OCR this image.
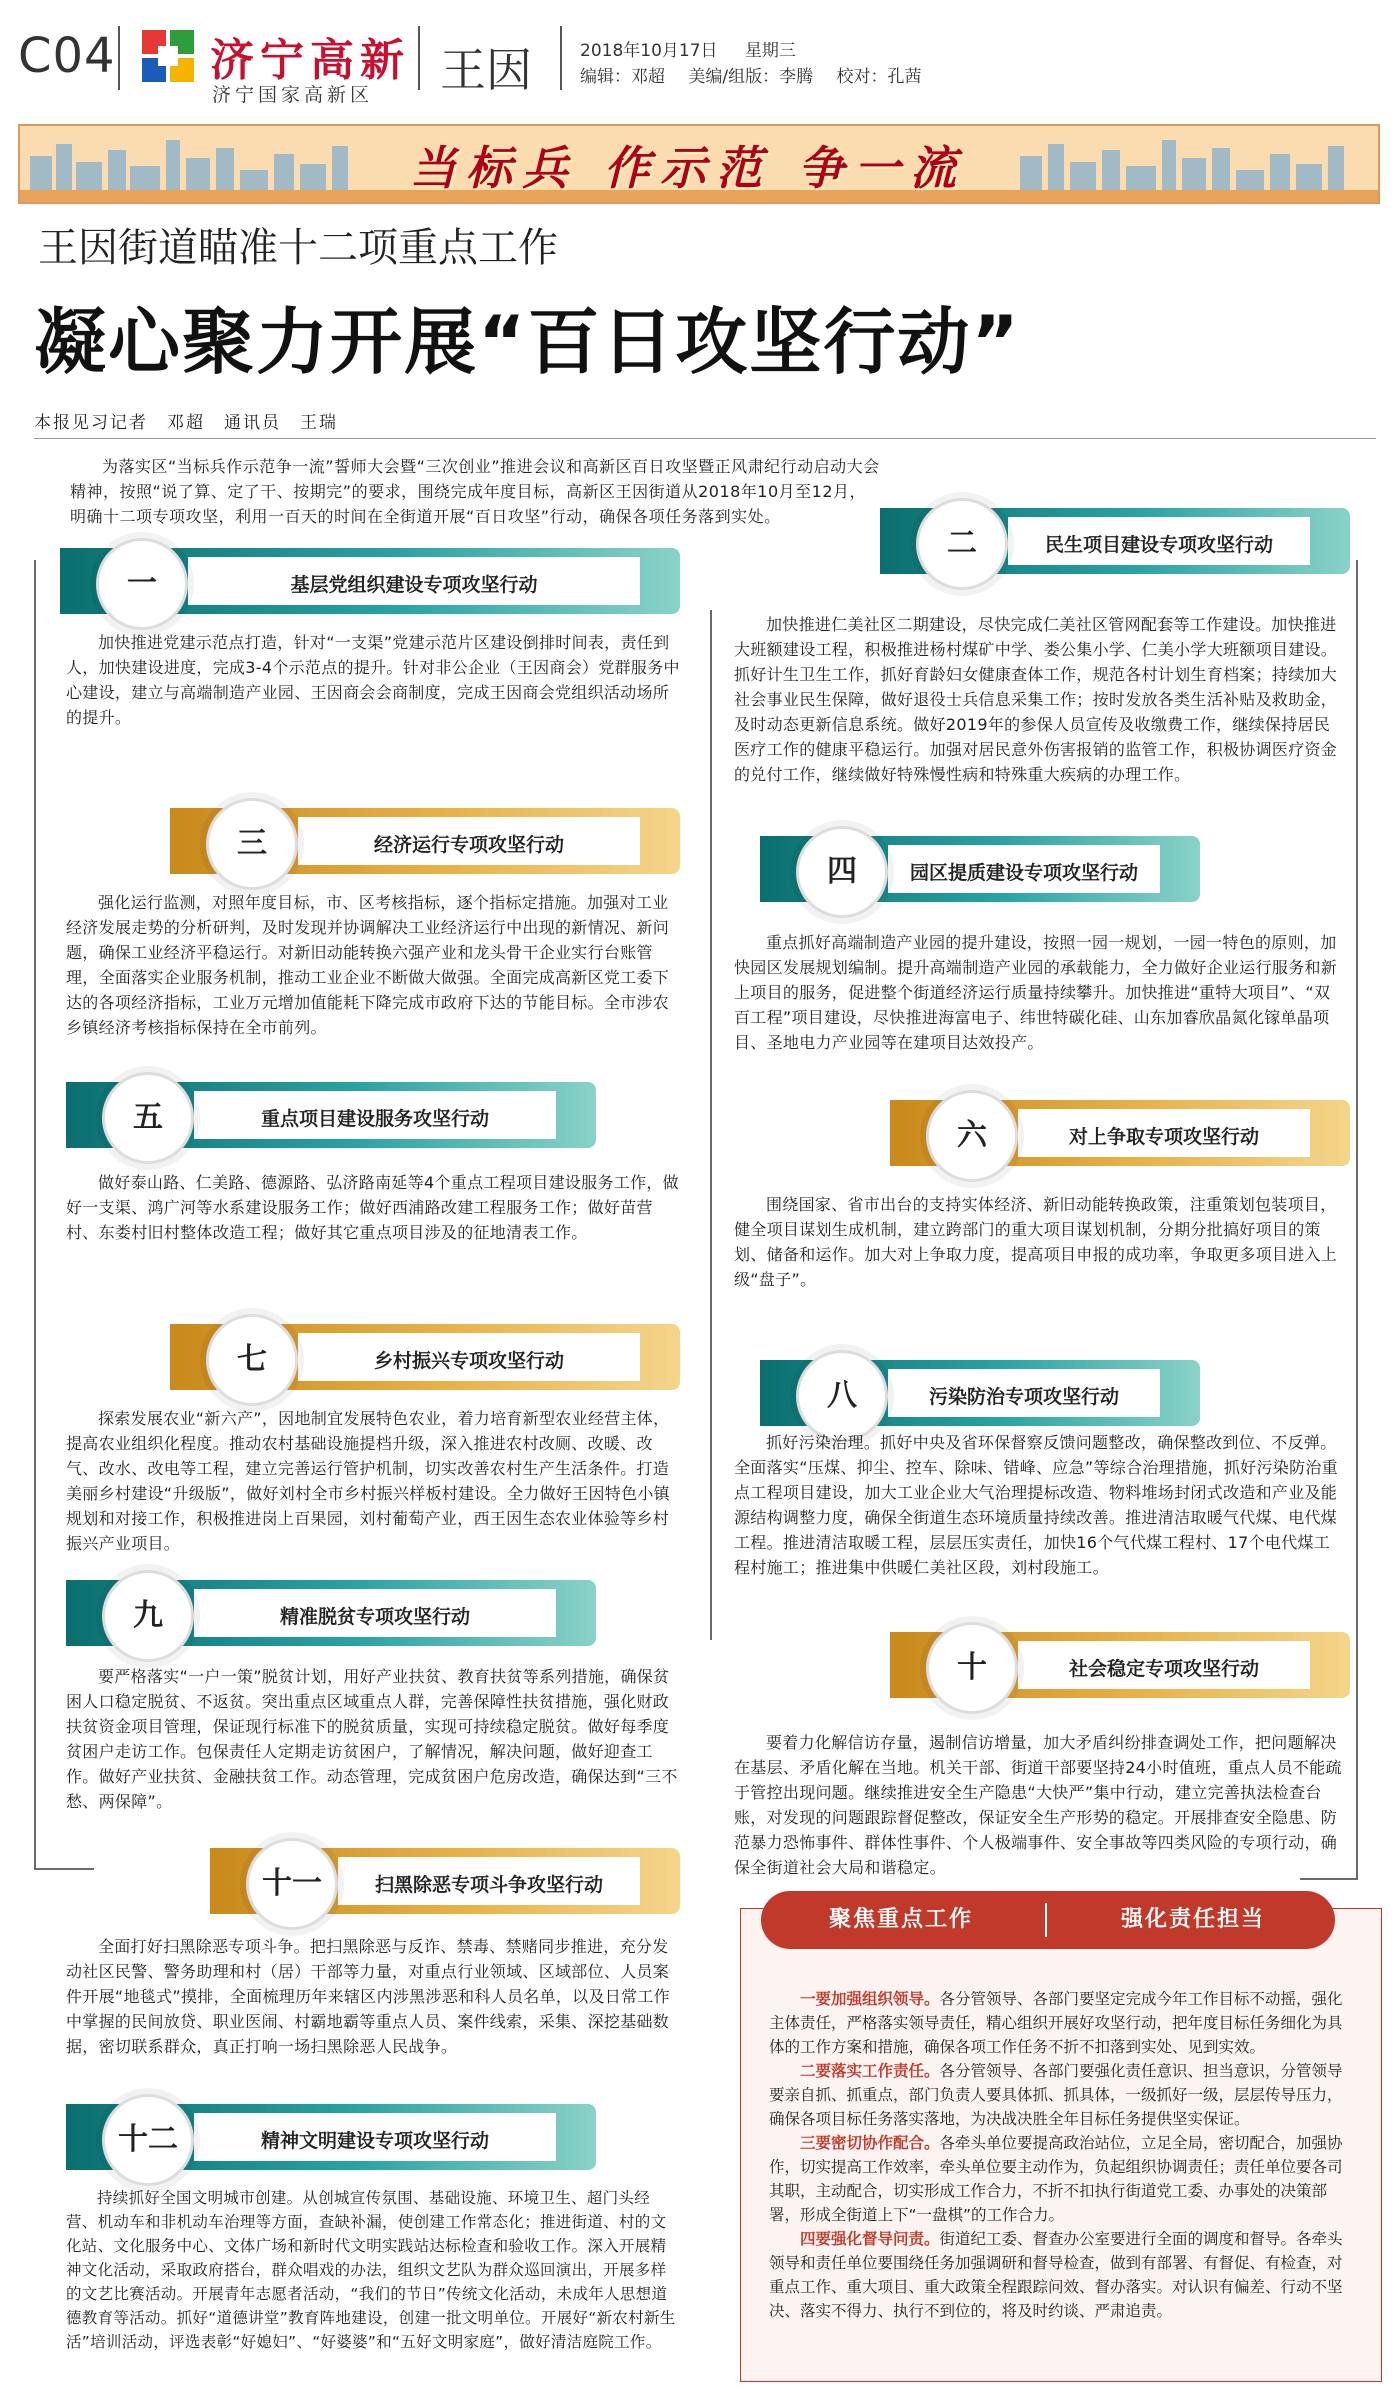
C04 济宁高新
济宁国家高新区 王因	2018年10月17日 星期三
编辑：邓超 美编/组版：李腾 校对：孔茜
当标兵 作示范 争一流
王因街道瞄准十二项重点工作
凝心聚力开展“百日攻坚行动”
本报见习记者　邓超　通讯员　王瑞
为落实区“当标兵作示范争一流”誓师大会暨“三次创业”推进会议和高新区百日攻坚暨正风肃纪行动启动大会精神，按照“说了算、定了干、按期完”的要求，围绕完成年度目标，高新区王因街道从2018年10月至12月，明确十二项专项攻坚，利用一百天的时间在全街道开展“百日攻坚”行动，确保各项任务落到实处。
基层党组织建设专项攻坚行动
一
加快推进党建示范点打造，针对“一支渠”党建示范片区建设倒排时间表，责任到人，加快建设进度，完成3-4个示范点的提升。针对非公企业（王因商会）党群服务中心建设，建立与高端制造产业园、王因商会会商制度，完成王因商会党组织活动场所的提升。
民生项目建设专项攻坚行动
二
加快推进仁美社区二期建设，尽快完成仁美社区管网配套等工作建设。加快推进大班额建设工程，积极推进杨村煤矿中学、娄公集小学、仁美小学大班额项目建设。抓好计生卫生工作，抓好育龄妇女健康查体工作，规范各村计划生育档案；持续加大社会事业民生保障，做好退役士兵信息采集工作；按时发放各类生活补贴及救助金，及时动态更新信息系统。做好2019年的参保人员宣传及收缴费工作，继续保持居民医疗工作的健康平稳运行。加强对居民意外伤害报销的监管工作，积极协调医疗资金的兑付工作，继续做好特殊慢性病和特殊重大疾病的办理工作。
经济运行专项攻坚行动
三
强化运行监测，对照年度目标，市、区考核指标，逐个指标定措施。加强对工业经济发展走势的分析研判，及时发现并协调解决工业经济运行中出现的新情况、新问题，确保工业经济平稳运行。对新旧动能转换六强产业和龙头骨干企业实行台账管理，全面落实企业服务机制，推动工业企业不断做大做强。全面完成高新区党工委下达的各项经济指标，工业万元增加值能耗下降完成市政府下达的节能目标。全市涉农乡镇经济考核指标保持在全市前列。
园区提质建设专项攻坚行动
四
重点抓好高端制造产业园的提升建设，按照一园一规划，一园一特色的原则，加快园区发展规划编制。提升高端制造产业园的承载能力，全力做好企业运行服务和新上项目的服务，促进整个街道经济运行质量持续攀升。加快推进“重特大项目”、“双百工程”项目建设，尽快推进海富电子、纬世特碳化硅、山东加睿欣晶氮化镓单晶项目、圣地电力产业园等在建项目达效投产。
重点项目建设服务攻坚行动
五
做好泰山路、仁美路、德源路、弘济路南延等4个重点工程项目建设服务工作，做好一支渠、鸿广河等水系建设服务工作；做好西浦路改建工程服务工作；做好苗营村、东娄村旧村整体改造工程；做好其它重点项目涉及的征地清表工作。
对上争取专项攻坚行动
六
围绕国家、省市出台的支持实体经济、新旧动能转换政策，注重策划包装项目，健全项目谋划生成机制，建立跨部门的重大项目谋划机制，分期分批搞好项目的策划、储备和运作。加大对上争取力度，提高项目申报的成功率，争取更多项目进入上级“盘子”。
乡村振兴专项攻坚行动
七
探索发展农业“新六产”，因地制宜发展特色农业，着力培育新型农业经营主体，提高农业组织化程度。推动农村基础设施提档升级，深入推进农村改厕、改暖、改气、改水、改电等工程，建立完善运行管护机制，切实改善农村生产生活条件。打造美丽乡村建设“升级版”，做好刘村全市乡村振兴样板村建设。全力做好王因特色小镇规划和对接工作，积极推进岗上百果园，刘村葡萄产业，西王因生态农业体验等乡村振兴产业项目。
污染防治专项攻坚行动
八
抓好污染治理。抓好中央及省环保督察反馈问题整改，确保整改到位、不反弹。全面落实“压煤、抑尘、控车、除味、错峰、应急”等综合治理措施，抓好污染防治重点工程项目建设，加大工业企业大气治理提标改造、物料堆场封闭式改造和产业及能源结构调整力度，确保全街道生态环境质量持续改善。推进清洁取暖气代煤、电代煤工程。推进清洁取暖工程，层层压实责任，加快16个气代煤工程村、17个电代煤工程村施工；推进集中供暖仁美社区段，刘村段施工。
精准脱贫专项攻坚行动
九
要严格落实“一户一策”脱贫计划，用好产业扶贫、教育扶贫等系列措施，确保贫困人口稳定脱贫、不返贫。突出重点区域重点人群，完善保障性扶贫措施，强化财政扶贫资金项目管理，保证现行标准下的脱贫质量，实现可持续稳定脱贫。做好每季度贫困户走访工作。包保责任人定期走访贫困户，了解情况，解决问题，做好迎查工作。做好产业扶贫、金融扶贫工作。动态管理，完成贫困户危房改造，确保达到“三不愁、两保障”。
社会稳定专项攻坚行动
十
要着力化解信访存量，遏制信访增量，加大矛盾纠纷排查调处工作，把问题解决在基层、矛盾化解在当地。机关干部、街道干部要坚持24小时值班，重点人员不能疏于管控出现问题。继续推进安全生产隐患“大快严”集中行动，建立完善执法检查台账，对发现的问题跟踪督促整改，保证安全生产形势的稳定。开展排查安全隐患、防范暴力恐怖事件、群体性事件、个人极端事件、安全事故等四类风险的专项行动，确保全街道社会大局和谐稳定。
扫黑除恶专项斗争攻坚行动
十一
全面打好扫黑除恶专项斗争。把扫黑除恶与反诈、禁毒、禁赌同步推进，充分发动社区民警、警务助理和村（居）干部等力量，对重点行业领域、区域部位、人员案件开展“地毯式”摸排，全面梳理历年来辖区内涉黑涉恶和科人员名单，以及日常工作中掌握的民间放贷、职业医闹、村霸地霸等重点人员、案件线索，采集、深挖基础数据，密切联系群众，真正打响一场扫黑除恶人民战争。
精神文明建设专项攻坚行动
十二
持续抓好全国文明城市创建。从创城宣传氛围、基础设施、环境卫生、超门头经营、机动车和非机动车治理等方面，查缺补漏，使创建工作常态化；推进街道、村的文化站、文化服务中心、文体广场和新时代文明实践站达标检查和验收工作。深入开展精神文化活动，采取政府搭台，群众唱戏的办法，组织文艺队为群众巡回演出，开展多样的文艺比赛活动。开展青年志愿者活动，“我们的节日”传统文化活动，未成年人思想道德教育等活动。抓好“道德讲堂”教育阵地建设，创建一批文明单位。开展好“新农村新生活”培训活动，评选表彰“好媳妇”、“好婆婆”和“五好文明家庭”，做好清洁庭院工作。
聚焦重点工作	强化责任担当

一要加强组织领导。各分管领导、各部门要坚定完成今年工作目标不动摇，强化主体责任，严格落实领导责任，精心组织开展好攻坚行动，把年度目标任务细化为具体的工作方案和措施，确保各项工作任务不折不扣落到实处、见到实效。

二要落实工作责任。各分管领导、各部门要强化责任意识、担当意识，分管领导要亲自抓、抓重点，部门负责人要具体抓、抓具体，一级抓好一级，层层传导压力，确保各项目标任务落实落地，为决战决胜全年目标任务提供坚实保证。

三要密切协作配合。各牵头单位要提高政治站位，立足全局，密切配合，加强协作，切实提高工作效率，牵头单位要主动作为，负起组织协调责任；责任单位要各司其职，主动配合，切实形成工作合力，不折不扣执行街道党工委、办事处的决策部署，形成全街道上下“一盘棋”的工作合力。

四要强化督导问责。街道纪工委、督查办公室要进行全面的调度和督导。各牵头领导和责任单位要围绕任务加强调研和督导检查，做到有部署、有督促、有检查，对重点工作、重大项目、重大政策全程跟踪问效、督办落实。对认识有偏差、行动不坚决、落实不得力、执行不到位的，将及时约谈、严肃追责。
